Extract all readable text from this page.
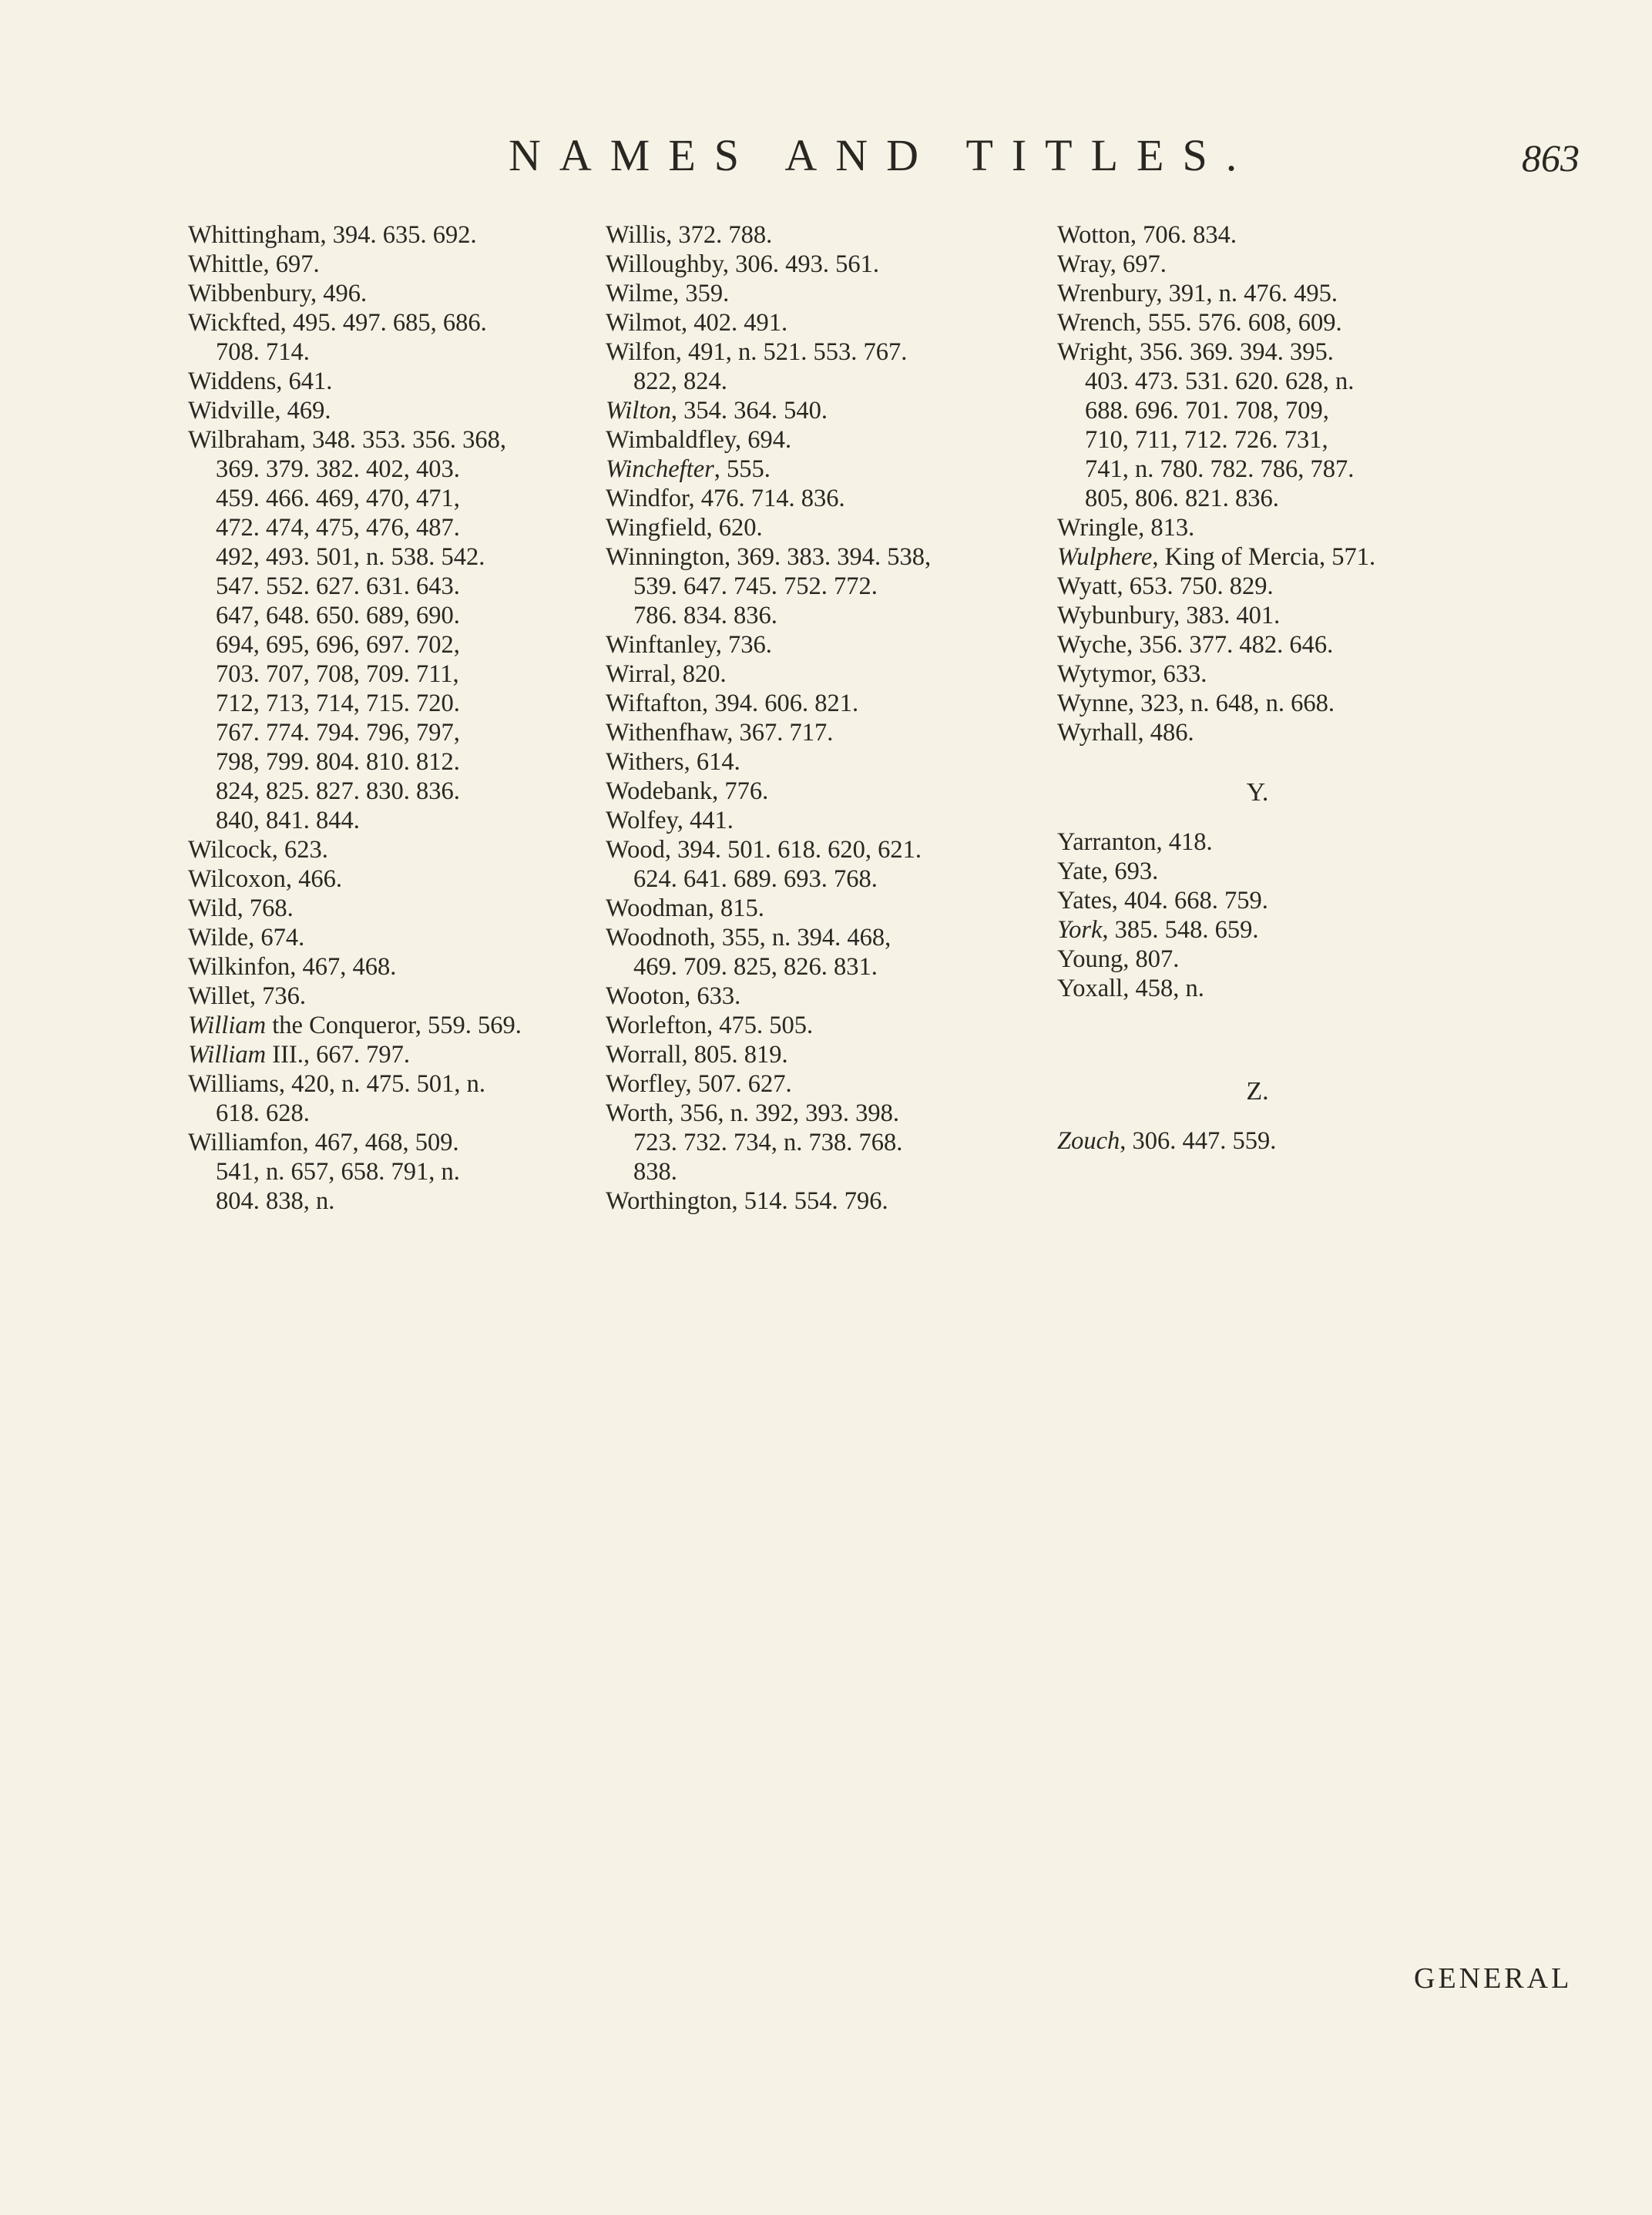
NAMES AND TITLES.	863
Whittingham, 394. 635. 692.
Whittle, 697.
Wibbenbury, 496.
Wickfted, 495. 497. 685, 686.
708. 714.
Widdens, 641.
Widville, 469.
Wilbraham, 348. 353. 356. 368,
369. 379. 382. 402, 403.
459. 466. 469, 470, 471,
472. 474, 475, 476, 487.
492, 493. 501, n. 538. 542.
547. 552. 627. 631. 643.
647, 648. 650. 689, 690.
694, 695, 696, 697. 702,
703. 707, 708, 709. 711,
712, 713, 714, 715. 720.
767. 774. 794. 796, 797,
798, 799. 804. 810. 812.
824, 825. 827. 830. 836.
840, 841. 844.
Wilcock, 623.
Wilcoxon, 466.
Wild, 768.
Wilde, 674.
Wilkinfon, 467, 468.
Willet, 736.
William the Conqueror, 559. 569.
William III., 667. 797.
Williams, 420, n. 475. 501, n.
618. 628.
Williamfon, 467, 468, 509.
541, n. 657, 658. 791, n.
804. 838, n.
Willis, 372. 788.
Willoughby, 306. 493. 561.
Wilme, 359.
Wilmot, 402. 491.
Wilfon, 491, n. 521. 553. 767.
822, 824.
Wilton, 354. 364. 540.
Wimbaldfley, 694.
Winchefter, 555.
Windfor, 476. 714. 836.
Wingfield, 620.
Winnington, 369. 383. 394. 538,
539. 647. 745. 752. 772.
786. 834. 836.
Winftanley, 736.
Wirral, 820.
Wiftafton, 394. 606. 821.
Withenfhaw, 367. 717.
Withers, 614.
Wodebank, 776.
Wolfey, 441.
Wood, 394. 501. 618. 620, 621.
624. 641. 689. 693. 768.
Woodman, 815.
Woodnoth, 355, n. 394. 468,
469. 709. 825, 826. 831.
Wooton, 633.
Worlefton, 475. 505.
Worrall, 805. 819.
Worfley, 507. 627.
Worth, 356, n. 392, 393. 398.
723. 732. 734, n. 738. 768.
838.
Worthington, 514. 554. 796.
Wotton, 706. 834.
Wray, 697.
Wrenbury, 391, n. 476. 495.
Wrench, 555. 576. 608, 609.
Wright, 356. 369. 394. 395.
403. 473. 531. 620. 628, n.
688. 696. 701. 708, 709,
710, 711, 712. 726. 731,
741, n. 780. 782. 786, 787.
805, 806. 821. 836.
Wringle, 813.
Wulphere, King of Mercia, 571.
Wyatt, 653. 750. 829.
Wybunbury, 383. 401.
Wyche, 356. 377. 482. 646.
Wytymor, 633.
Wynne, 323, n. 648, n. 668.
Wyrhall, 486.
Y.
Yarranton, 418.
Yate, 693.
Yates, 404. 668. 759.
York, 385. 548. 659.
Young, 807.
Yoxall, 458, n.
Z.
Zouch, 306. 447. 559.
GENERAL
